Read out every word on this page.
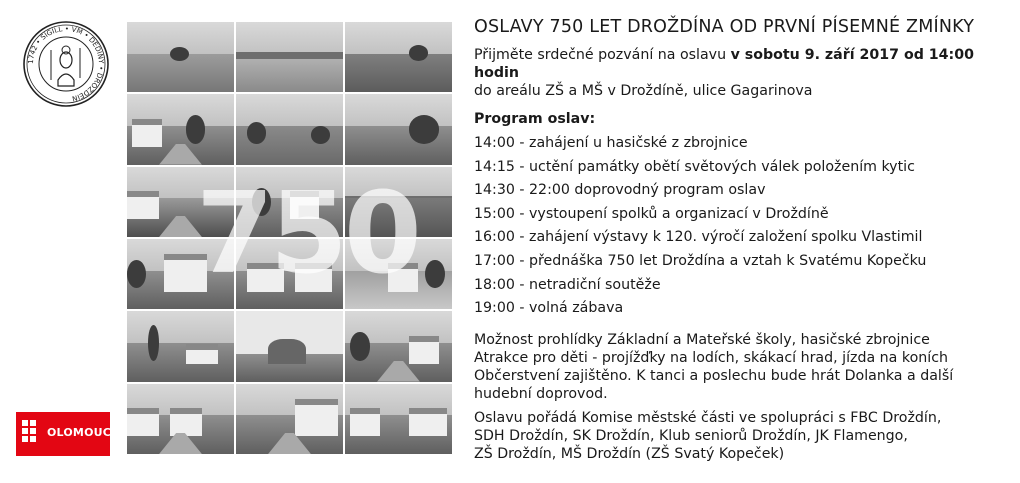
1742 • SIGILL • VM • DEDINY • DROZDEIN
OLOMOUC
750
OSLAVY 750 LET DROŽDÍNA OD PRVNÍ PÍSEMNÉ ZMÍNKY
Přijměte srdečné pozvání na oslavu v sobotu 9. září 2017 od 14:00 hodin
do areálu ZŠ a MŠ v Droždíně, ulice Gagarinova
Program oslav:
14:00 - zahájení u hasičské z zbrojnice
14:15 - uctění památky obětí světových válek položením kytic
14:30 - 22:00 doprovodný program oslav
15:00 - vystoupení spolků a organizací v Droždíně
16:00 - zahájení výstavy k 120. výročí založení spolku Vlastimil
17:00 - přednáška 750 let Droždína a vztah k Svatému Kopečku
18:00 - netradiční soutěže
19:00 - volná zábava
Možnost prohlídky Základní a Mateřské školy, hasičské zbrojnice
Atrakce pro děti - projížďky na lodích, skákací hrad, jízda na koních
Občerstvení zajištěno. K tanci a poslechu bude hrát Dolanka a další
hudební doprovod.
Oslavu pořádá Komise městské části ve spolupráci s FBC Droždín,
SDH Droždín, SK Droždín, Klub seniorů Droždín, JK Flamengo,
ZŠ Droždín, MŠ Droždín (ZŠ Svatý Kopeček)
